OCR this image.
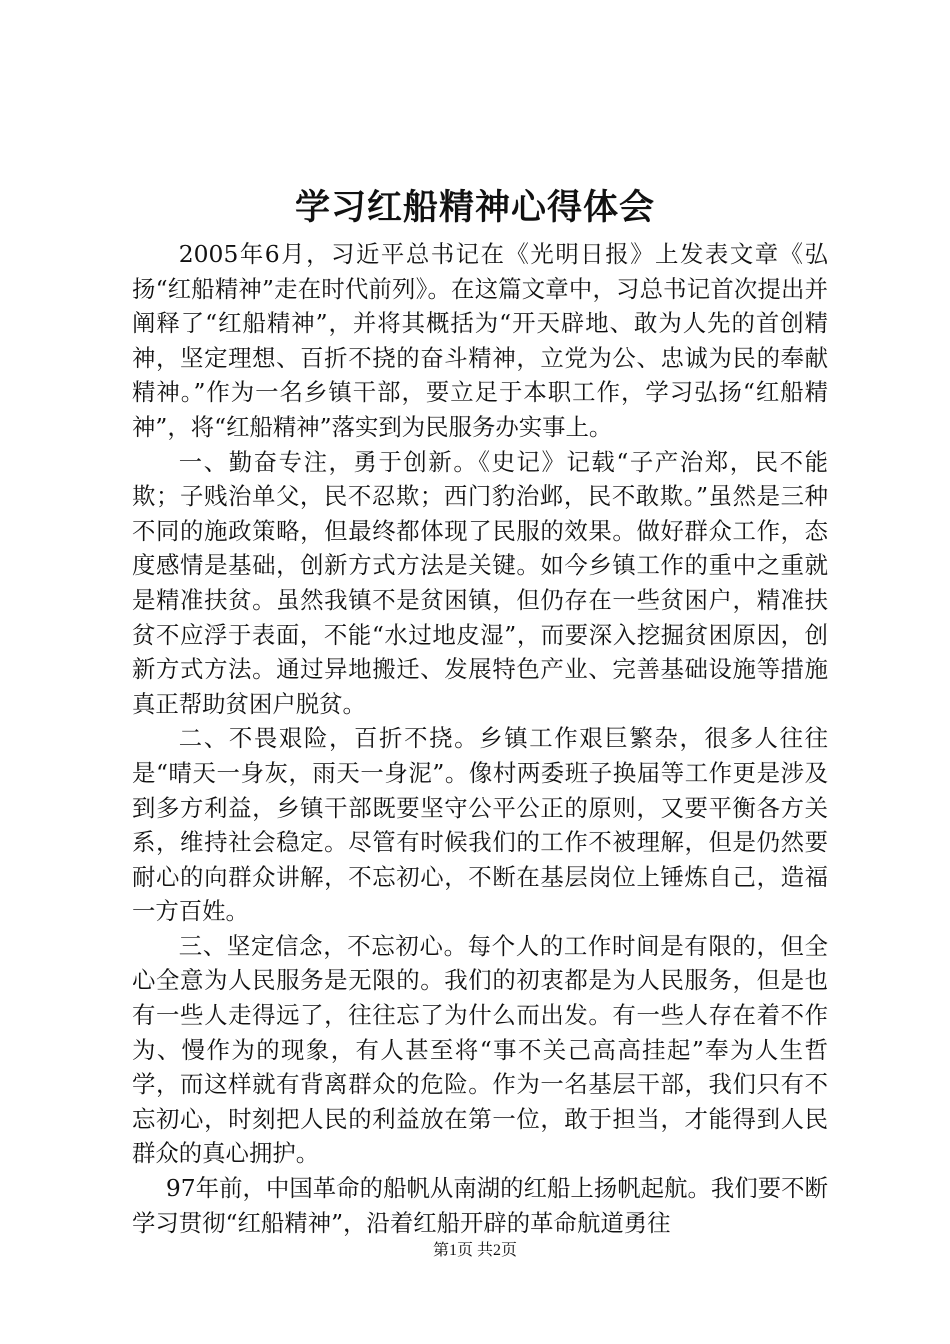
学习红船精神心得体会

2005年6月，习近平总书记在《光明日报》上发表文章《弘扬“红船精神”走在时代前列》。在这篇文章中，习总书记首次提出并阐释了“红船精神”，并将其概括为“开天辟地、敢为人先的首创精神，坚定理想、百折不挠的奋斗精神，立党为公、忠诚为民的奉献精神。”作为一名乡镇干部，要立足于本职工作，学习弘扬“红船精神”，将“红船精神”落实到为民服务办实事上。

一、勤奋专注，勇于创新。《史记》记载“子产治郑，民不能欺；子贱治单父，民不忍欺；西门豹治邺，民不敢欺。”虽然是三种不同的施政策略，但最终都体现了民服的效果。做好群众工作，态度感情是基础，创新方式方法是关键。如今乡镇工作的重中之重就是精准扶贫。虽然我镇不是贫困镇，但仍存在一些贫困户，精准扶贫不应浮于表面，不能“水过地皮湿”，而要深入挖掘贫困原因，创新方式方法。通过异地搬迁、发展特色产业、完善基础设施等措施真正帮助贫困户脱贫。

二、不畏艰险，百折不挠。乡镇工作艰巨繁杂，很多人往往是“晴天一身灰，雨天一身泥”。像村两委班子换届等工作更是涉及到多方利益，乡镇干部既要坚守公平公正的原则，又要平衡各方关系，维持社会稳定。尽管有时候我们的工作不被理解，但是仍然要耐心的向群众讲解，不忘初心，不断在基层岗位上锤炼自己，造福一方百姓。

三、坚定信念，不忘初心。每个人的工作时间是有限的，但全心全意为人民服务是无限的。我们的初衷都是为人民服务，但是也有一些人走得远了，往往忘了为什么而出发。有一些人存在着不作为、慢作为的现象，有人甚至将“事不关己高高挂起”奉为人生哲学，而这样就有背离群众的危险。作为一名基层干部，我们只有不忘初心，时刻把人民的利益放在第一位，敢于担当，才能得到人民群众的真心拥护。

97年前，中国革命的船帆从南湖的红船上扬帆起航。我们要不断学习贯彻“红船精神”，沿着红船开辟的革命航道勇往

第1页 共2页
